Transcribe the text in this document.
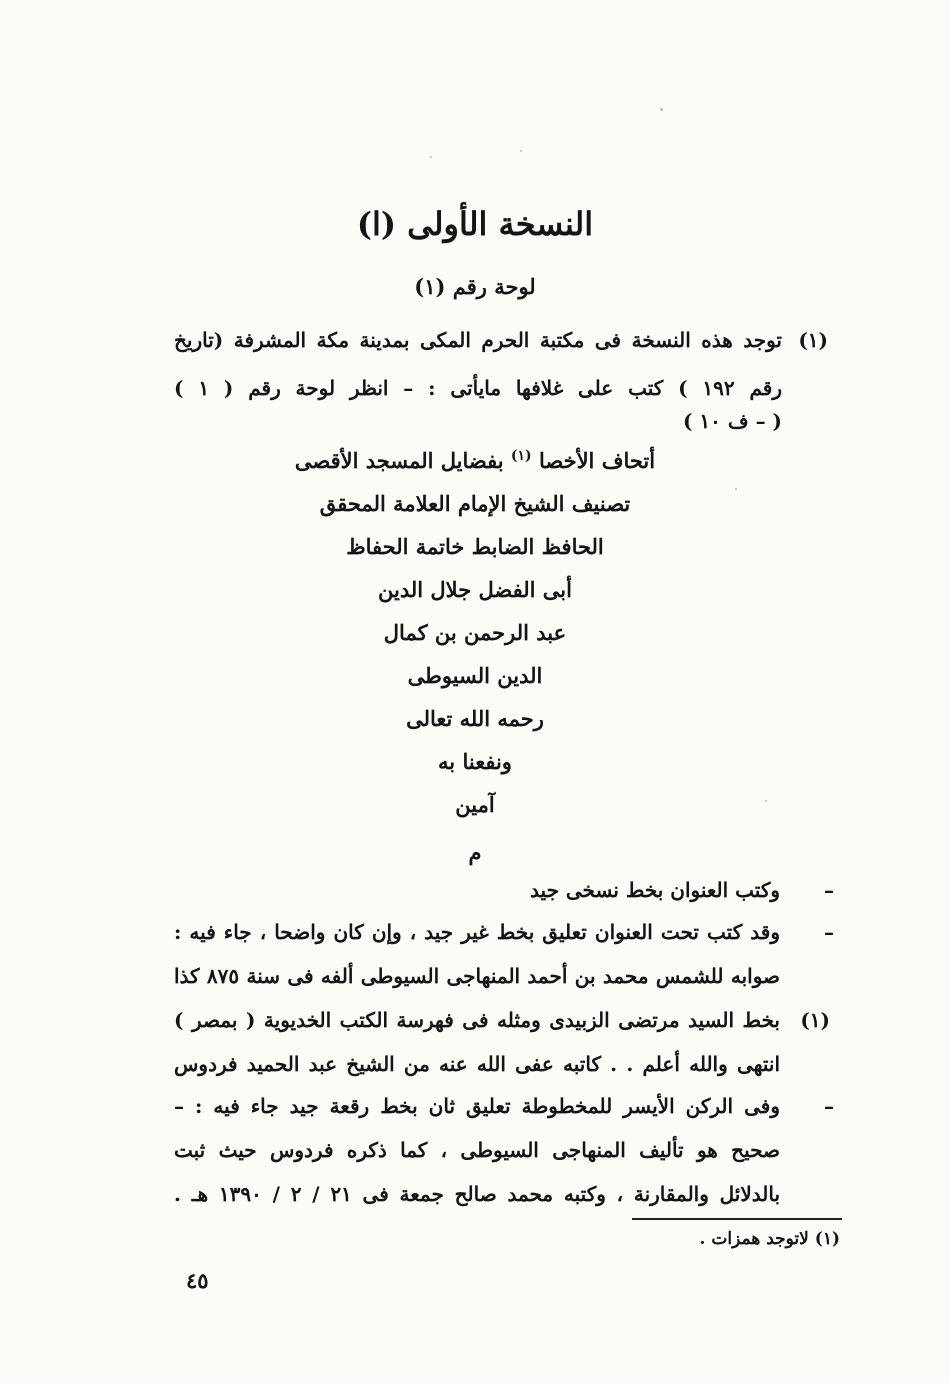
النسخة الأولى (ا)
لوحة رقم (١)
(١)
توجد هذه النسخة فى مكتبة الحرم المكى بمدينة مكة المشرفة (تاريخ
رقم ١٩٢ ) كتب على غلافها مايأتى : – انظر لوحة رقم ( ١ )
( – ف ١٠ )
أتحاف الأخصا $^{(١)}$ بفضايل المسجد الأقصى
تصنيف الشيخ الإمام العلامة المحقق
الحافظ الضابط خاتمة الحفاظ
أبى الفضل جلال الدين
عبد الرحمن بن كمال
الدين السيوطى
رحمه الله تعالى
ونفعنا به
آمين
م
–
وكتب العنوان بخط نسخى جيد
–
وقد كتب تحت العنوان تعليق بخط غير جيد ، وإن كان واضحا ، جاء فيه :
صوابه للشمس محمد بن أحمد المنهاجى السيوطى ألفه فى سنة ٨٧٥ كذا
(١)
بخط السيد مرتضى الزبيدى ومثله فى فهرسة الكتب الخديوية ( بمصر )
انتهى والله أعلم . . كاتبه عفى الله عنه من الشيخ عبد الحميد فردوس
–
وفى الركن الأيسر للمخطوطة تعليق ثان بخط رقعة جيد جاء فيه : –
صحيح هو تأليف المنهاجى السيوطى ، كما ذكره فردوس حيث ثبت
بالدلائل والمقارنة ، وكتبه محمد صالح جمعة فى ٢١ / ٢ / ١٣٩٠ هـ .
(١) لاتوجد همزات .
٤٥
